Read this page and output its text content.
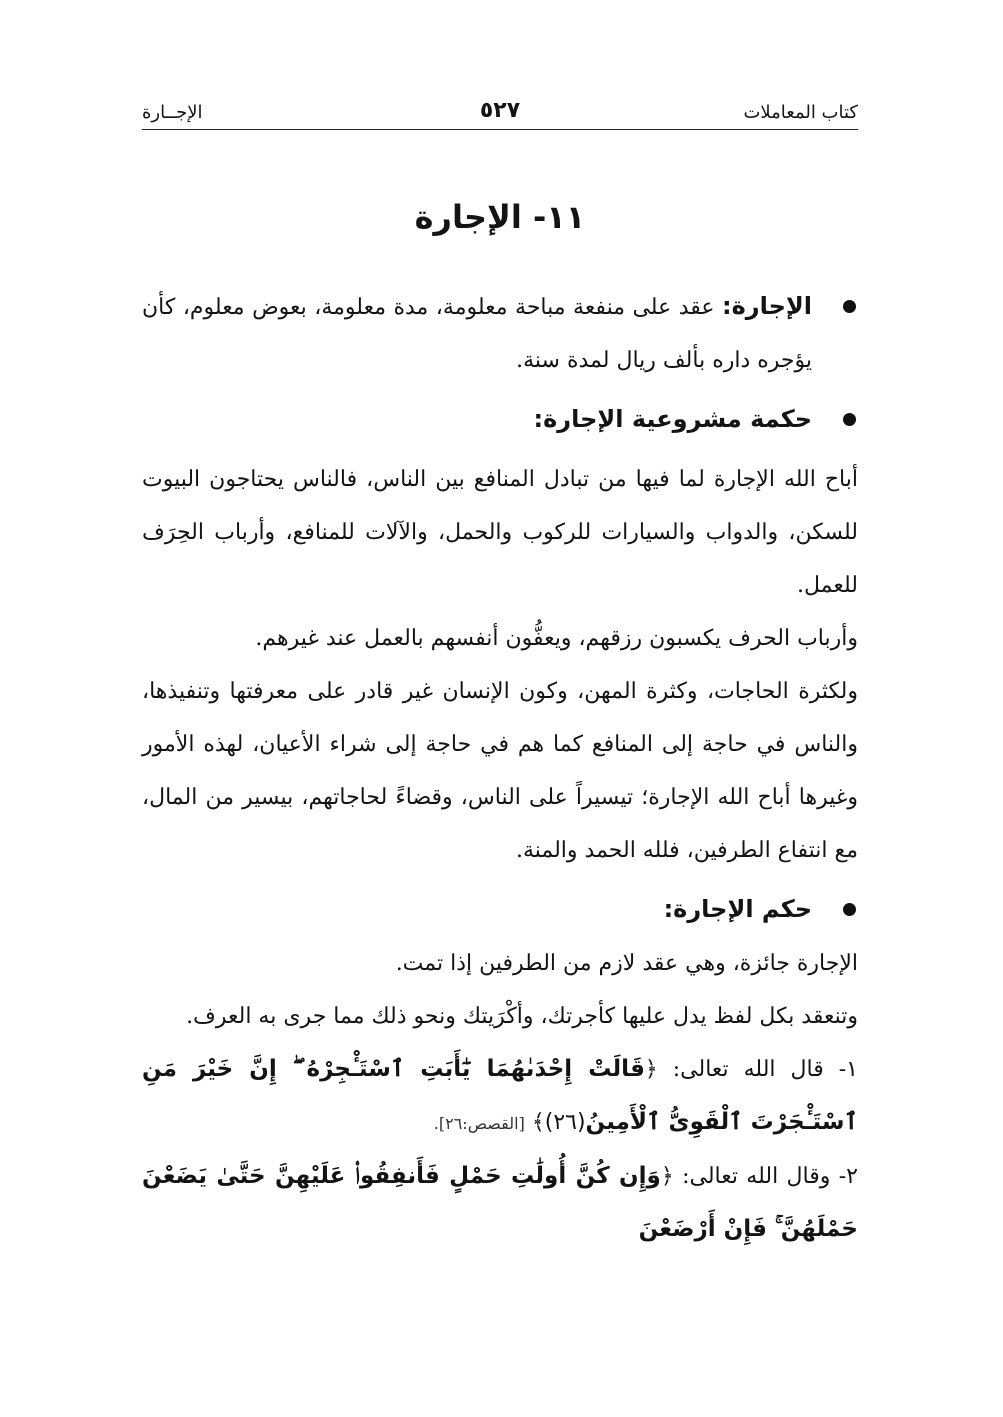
كتاب المعاملات
٥٢٧
الإجــارة
١١- الإجارة

الإجارة: عقد على منفعة مباحة معلومة، مدة معلومة، بعوض معلوم، كأن يؤجره داره بألف ريال لمدة سنة.

حكمة مشروعية الإجارة:

أباح الله الإجارة لما فيها من تبادل المنافع بين الناس، فالناس يحتاجون البيوت للسكن، والدواب والسيارات للركوب والحمل، والآلات للمنافع، وأرباب الحِرَف للعمل.

وأرباب الحرف يكسبون رزقهم، ويعفُّون أنفسهم بالعمل عند غيرهم.

ولكثرة الحاجات، وكثرة المهن، وكون الإنسان غير قادر على معرفتها وتنفيذها، والناس في حاجة إلى المنافع كما هم في حاجة إلى شراء الأعيان، لهذه الأمور وغيرها أباح الله الإجارة؛ تيسيراً على الناس، وقضاءً لحاجاتهم، بيسير من المال، مع انتفاع الطرفين، فلله الحمد والمنة.

حكم الإجارة:

الإجارة جائزة، وهي عقد لازم من الطرفين إذا تمت.

وتنعقد بكل لفظ يدل عليها كأجرتك، وأكْرَيتك ونحو ذلك مما جرى به العرف.

١- قال الله تعالى: ﴿قَالَتْ إِحْدَىٰهُمَا يَٰٓأَبَتِ ٱسْتَـْٔجِرْهُ ۖ إِنَّ خَيْرَ مَنِ ٱسْتَـْٔجَرْتَ ٱلْقَوِىُّ ٱلْأَمِينُ(٢٦)﴾ [القصص:٢٦].

٢- وقال الله تعالى: ﴿وَإِن كُنَّ أُولَٰتِ حَمْلٍ فَأَنفِقُوا۟ عَلَيْهِنَّ حَتَّىٰ يَضَعْنَ حَمْلَهُنَّ ۚ فَإِنْ أَرْضَعْنَ
